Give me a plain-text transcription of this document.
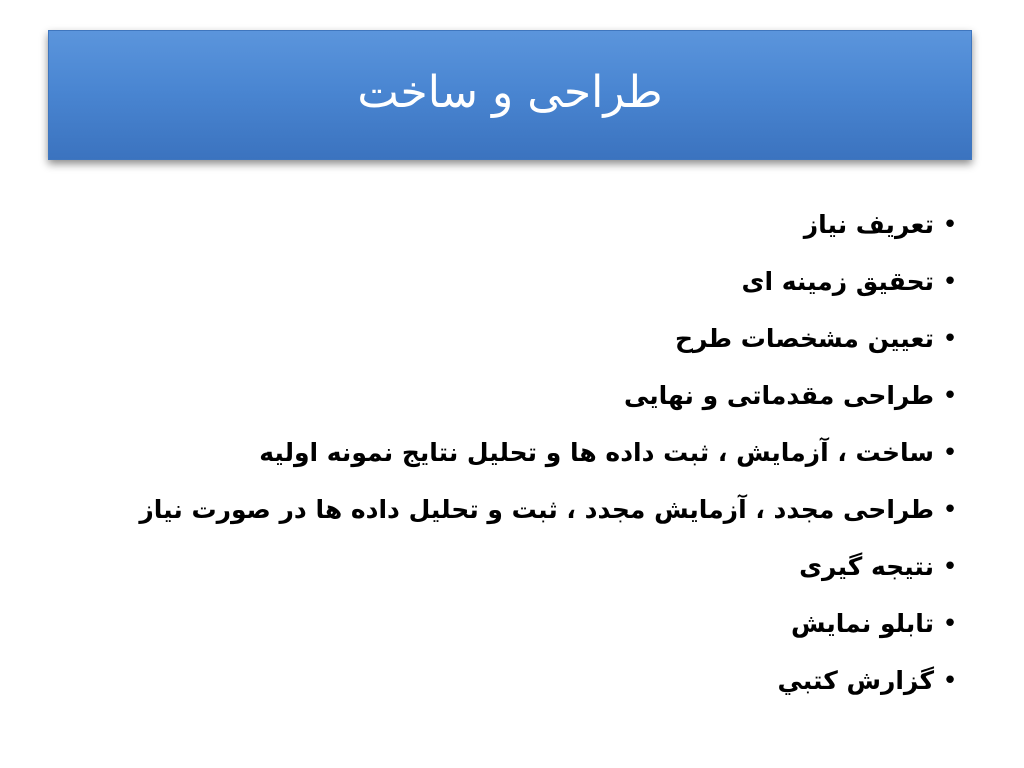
طراحی و ساخت
•
تعریف نیاز
•
تحقیق زمینه ای
•
تعیین مشخصات طرح
•
طراحی مقدماتی و نهایی
•
ساخت ، آزمایش ، ثبت داده ها و تحلیل نتایج نمونه اولیه
•
طراحی مجدد ، آزمایش مجدد ، ثبت و تحلیل داده ها در صورت نیاز
•
نتیجه گیری
•
تابلو نمایش
•
گزارش كتبي
